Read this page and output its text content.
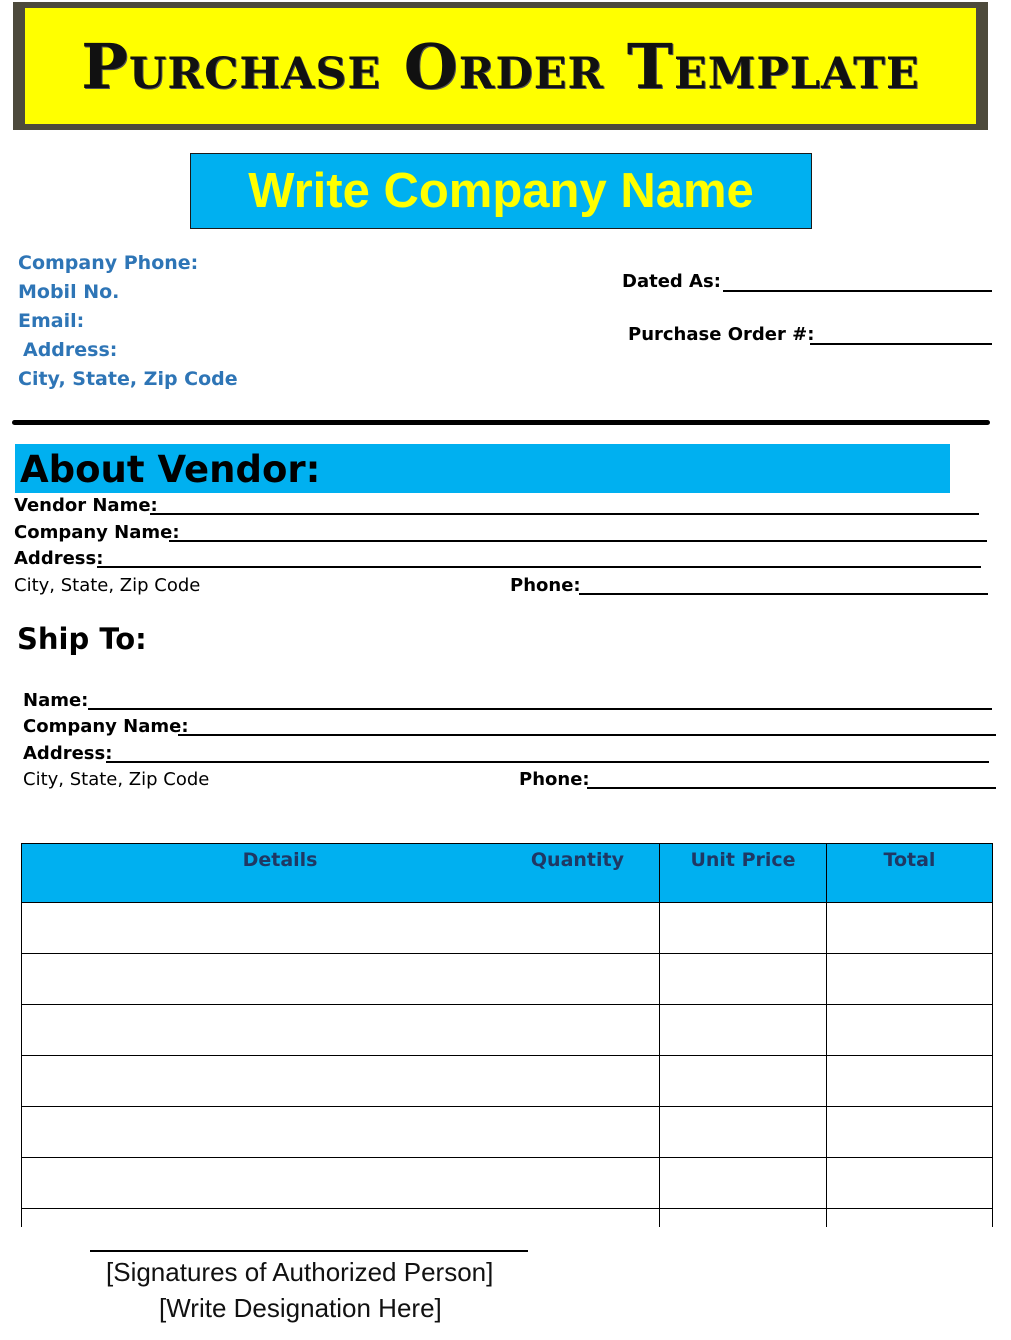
Purchase Order Template
Write Company Name
Company Phone:
Mobil No.
Email:
Address:
City, State, Zip Code
Dated As:
Purchase Order #:
About Vendor:
Vendor Name:
Company Name:
Address:
City, State, Zip Code	Phone:
Ship To:
Name:
Company Name:
Address:
City, State, Zip Code	Phone:
Details	Quantity	Unit Price	Total

[Signatures of Authorized Person]
[Write Designation Here]
